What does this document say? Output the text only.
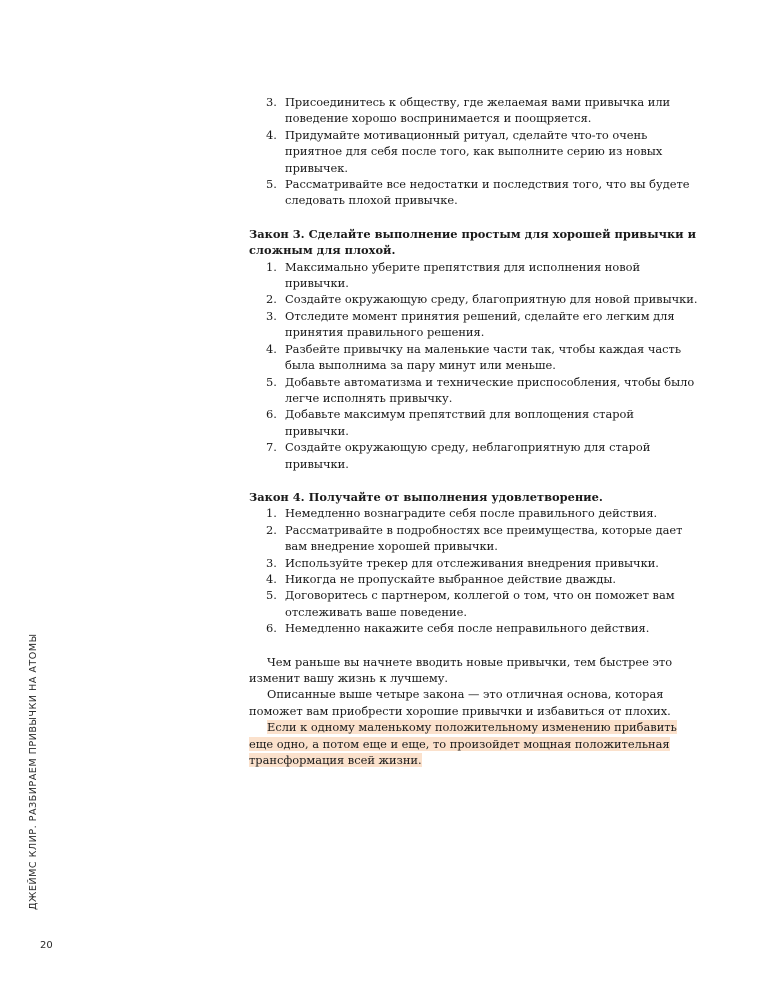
3. Присоединитесь к обществу, где желаемая вами привычка или поведение хорошо воспринимается и поощряется.
4. Придумайте мотивационный ритуал, сделайте что-то очень приятное для себя после того, как выполните серию из новых привычек.
5. Рассматривайте все недостатки и последствия того, что вы будете следовать плохой привычке.

Закон 3. Сделайте выполнение простым для хорошей привычки и сложным для плохой.

1. Максимально уберите препятствия для исполнения новой привычки.
2. Создайте окружающую среду, благоприятную для новой привычки.
3. Отследите момент принятия решений, сделайте его легким для принятия правильного решения.
4. Разбейте привычку на маленькие части так, чтобы каждая часть была выполнима за пару минут или меньше.
5. Добавьте автоматизма и технические приспособления, чтобы было легче исполнять привычку.
6. Добавьте максимум препятствий для воплощения старой привычки.
7. Создайте окружающую среду, неблагоприятную для старой привычки.

Закон 4. Получайте от выполнения удовлетворение.

1. Немедленно вознаградите себя после правильного действия.
2. Рассматривайте в подробностях все преимущества, которые дает вам внедрение хорошей привычки.
3. Используйте трекер для отслеживания внедрения привычки.
4. Никогда не пропускайте выбранное действие дважды.
5. Договоритесь с партнером, коллегой о том, что он поможет вам отслеживать ваше поведение.
6. Немедленно накажите себя после неправильного действия.

Чем раньше вы начнете вводить новые привычки, тем быстрее это изменит вашу жизнь к лучшему.

Описанные выше четыре закона — это отличная основа, которая поможет вам приобрести хорошие привычки и избавиться от плохих.

Если к одному маленькому положительному изменению прибавить еще одно, а потом еще и еще, то произойдет мощная положительная трансформация всей жизни.

ДЖЕЙМС КЛИР. РАЗБИРАЕМ ПРИВЫЧКИ НА АТОМЫ
20
